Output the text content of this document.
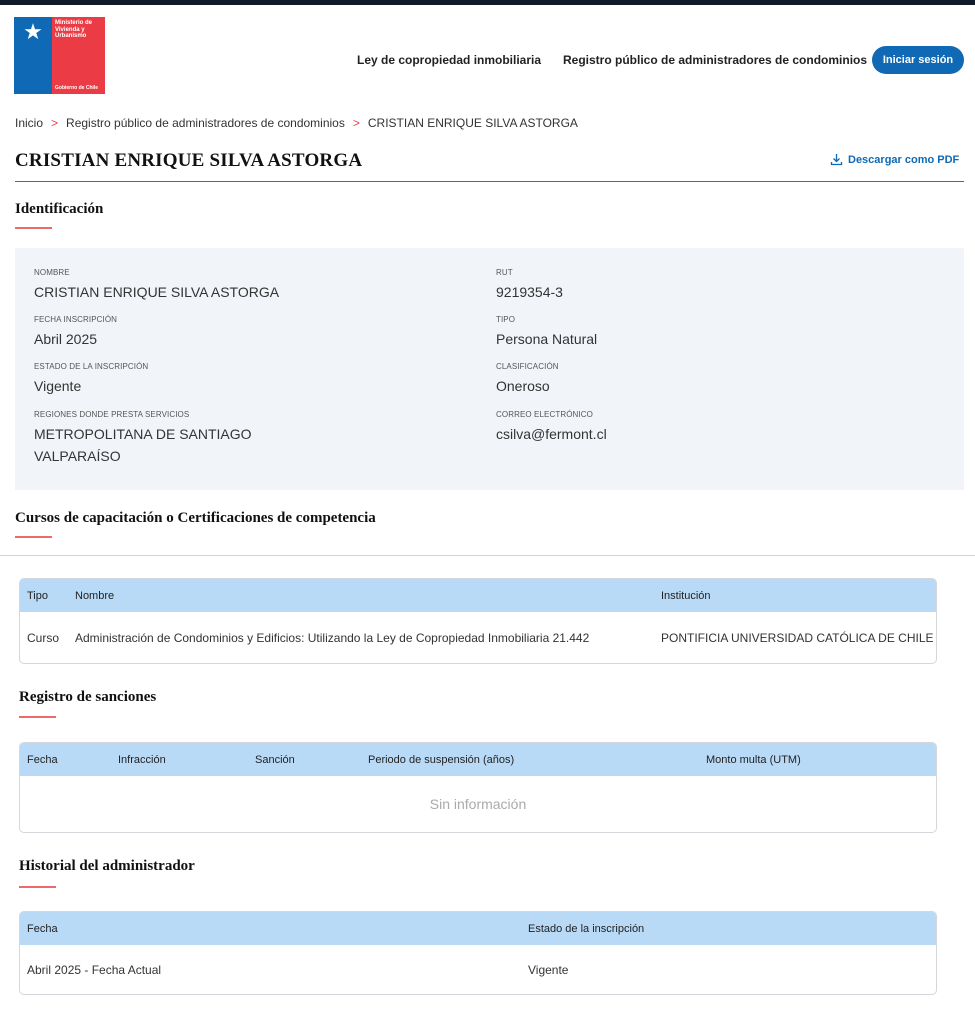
★	Ministerio de Vivienda y Urbanismo
Gobierno de Chile
Ley de copropiedad inmobiliaria Registro público de administradores de condominios	Iniciar sesión
Inicio > Registro público de administradores de condominios > CRISTIAN ENRIQUE SILVA ASTORGA
CRISTIAN ENRIQUE SILVA ASTORGA	Descargar como PDF
Identificación
NOMBRE
CRISTIAN ENRIQUE SILVA ASTORGA
RUT
9219354-3
FECHA INSCRIPCIÓN
Abril 2025
TIPO
Persona Natural
ESTADO DE LA INSCRIPCIÓN
Vigente
CLASIFICACIÓN
Oneroso
REGIONES DONDE PRESTA SERVICIOS
METROPOLITANA DE SANTIAGO
VALPARAÍSO
CORREO ELECTRÓNICO
csilva@fermont.cl
Cursos de capacitación o Certificaciones de competencia
Tipo Nombre	Institución
Curso Administración de Condominios y Edificios: Utilizando la Ley de Copropiedad Inmobiliaria 21.442	PONTIFICIA UNIVERSIDAD CATÓLICA DE CHILE
Registro de sanciones
Fecha	Infracción	Sanción	Periodo de suspensión (años)	Monto multa (UTM)
Sin información
Historial del administrador
Fecha	Estado de la inscripción
Abril 2025 - Fecha Actual	Vigente
